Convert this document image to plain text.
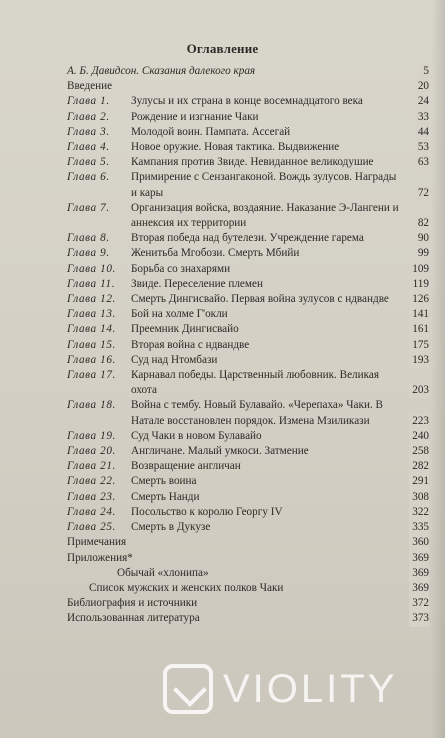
Оглавление
А. Б. Давидсон. Сказания далекого края	5
Введение	20
Глава 1.	Зулусы и их страна в конце восемнадцатого века	24
Глава 2.	Рождение и изгнание Чаки	33
Глава 3.	Молодой воин. Пампата. Ассегай	44
Глава 4.	Новое оружие. Новая тактика. Выдвижение	53
Глава 5.	Кампания против Звиде. Невиданное великодушие	63
Глава 6.	Примирение с Сензангаконой. Вождь зулусов. Награды и кары	72
Глава 7.	Организация войска, воздаяние. Наказание Э-Лангени и аннексия их территории	82
Глава 8.	Вторая победа над бутелези. Учреждение гарема	90
Глава 9.	Женитьба Мгобози. Смерть Мбийи	99
Глава 10.	Борьба со знахарями	109
Глава 11.	Звиде. Переселение племен	119
Глава 12.	Смерть Дингисвайо. Первая война зулусов с ндвандве	126
Глава 13.	Бой на холме Г'окли	141
Глава 14.	Преемник Дингисвайо	161
Глава 15.	Вторая война с ндвандве	175
Глава 16.	Суд над Нтомбази	193
Глава 17.	Карнавал победы. Царственный любовник. Великая охота	203
Глава 18.	Война с тембу. Новый Булавайо. «Черепаха» Чаки. В Натале восстановлен порядок. Измена Мзиликази	223
Глава 19.	Суд Чаки в новом Булавайо	240
Глава 20.	Англичане. Малый умкоси. Затмение	258
Глава 21.	Возвращение англичан	282
Глава 22.	Смерть воина	291
Глава 23.	Смерть Нанди	308
Глава 24.	Посольство к королю Георгу IV	322
Глава 25.	Смерть в Дукузе	335
Примечания	360
Приложения*	369
Обычай «хлонипа»	369
Список мужских и женских полков Чаки	369
Библиография и источники	372
Использованная литература	373
VIOLITY
